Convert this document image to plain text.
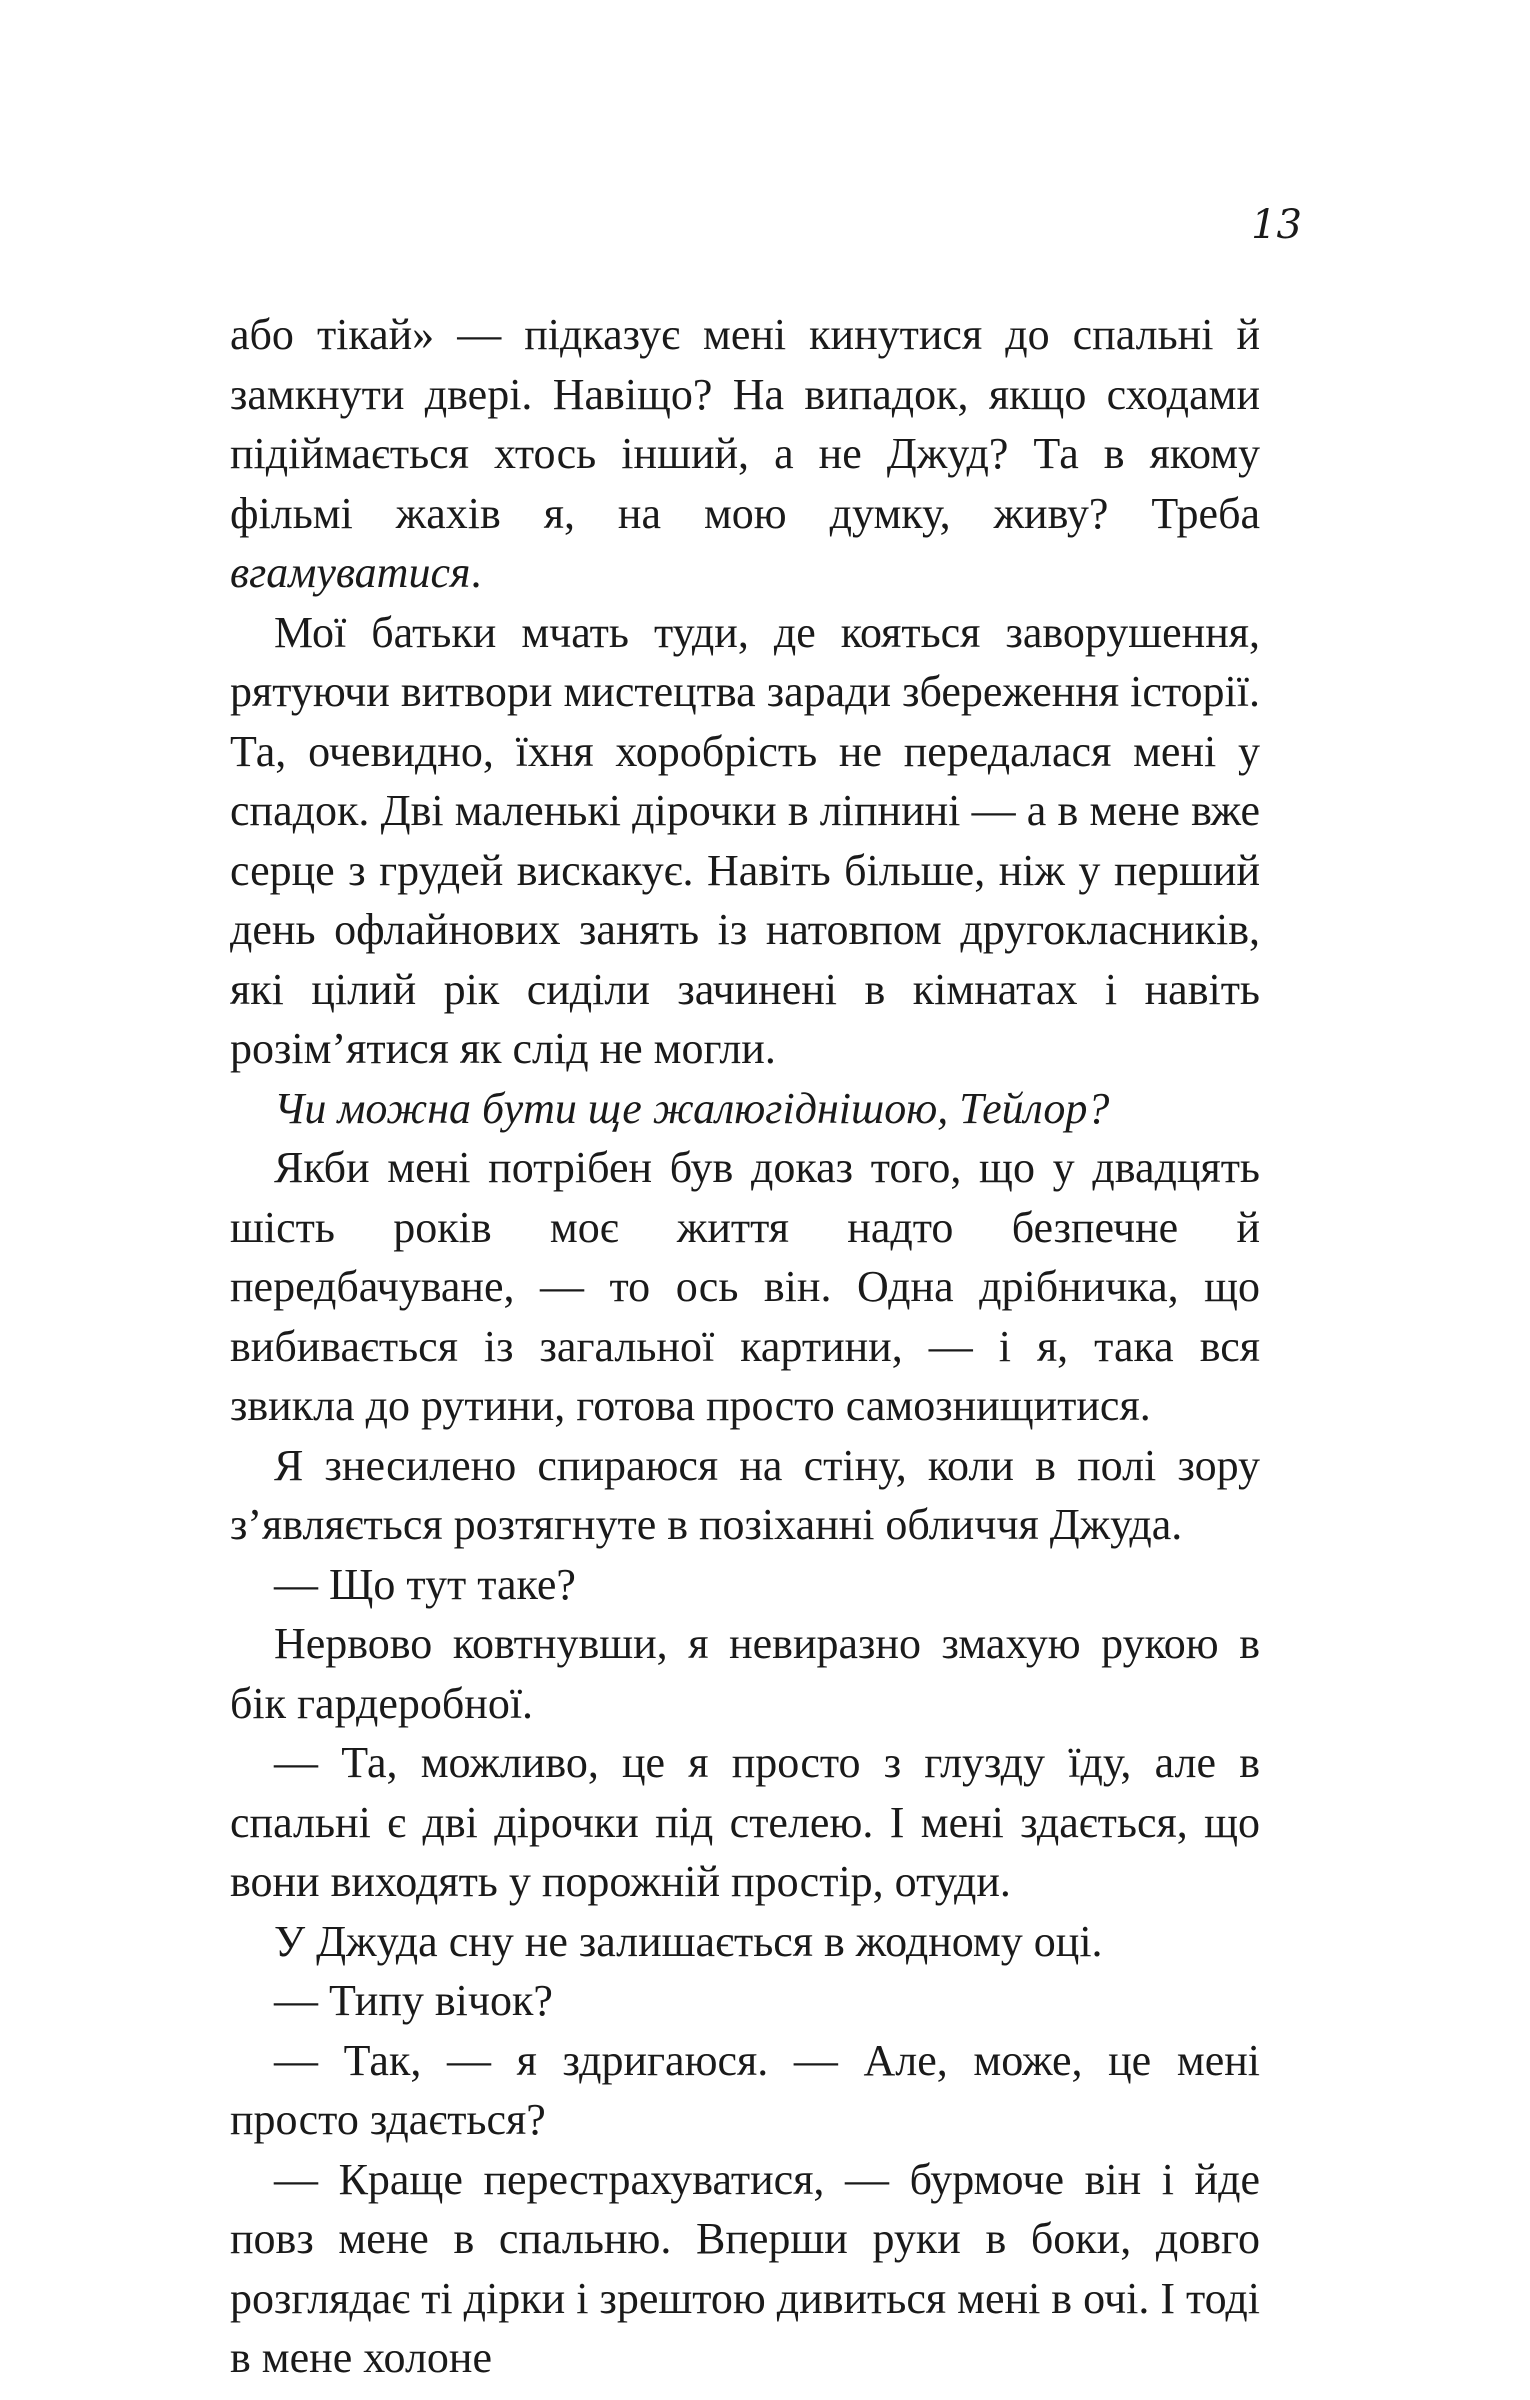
13

або тікай» — підказує мені кинутися до спальні й замкнути двері. Навіщо? На випадок, якщо сходами підіймається хтось інший, а не Джуд? Та в якому фільмі жахів я, на мою думку, живу? Треба вгамуватися.

Мої батьки мчать туди, де кояться заворушення, рятуючи витвори мистецтва заради збереження історії. Та, очевидно, їхня хоробрість не передалася мені у спадок. Дві маленькі дірочки в ліпнині — а в мене вже серце з грудей вискакує. Навіть більше, ніж у перший день офлайнових занять із натовпом другокласників, які цілий рік сиділи зачинені в кімнатах і навіть розім’ятися як слід не могли.

Чи можна бути ще жалюгіднішою, Тейлор?

Якби мені потрібен був доказ того, що у двадцять шість років моє життя надто безпечне й передбачуване, — то ось він. Одна дрібничка, що вибивається із загальної картини, — і я, така вся звикла до рутини, готова просто самознищитися.

Я знесилено спираюся на стіну, коли в полі зору з’являється розтягнуте в позіханні обличчя Джуда.

— Що тут таке?

Нервово ковтнувши, я невиразно змахую рукою в бік гардеробної.

— Та, можливо, це я просто з глузду їду, але в спальні є дві дірочки під стелею. І мені здається, що вони виходять у порожній простір, отуди.

У Джуда сну не залишається в жодному оці.

— Типу вічок?

— Так, — я здригаюся. — Але, може, це мені просто здається?

— Краще перестрахуватися, — бурмоче він і йде повз мене в спальню. Вперши руки в боки, довго розглядає ті дірки і зрештою дивиться мені в очі. І тоді в мене холоне
